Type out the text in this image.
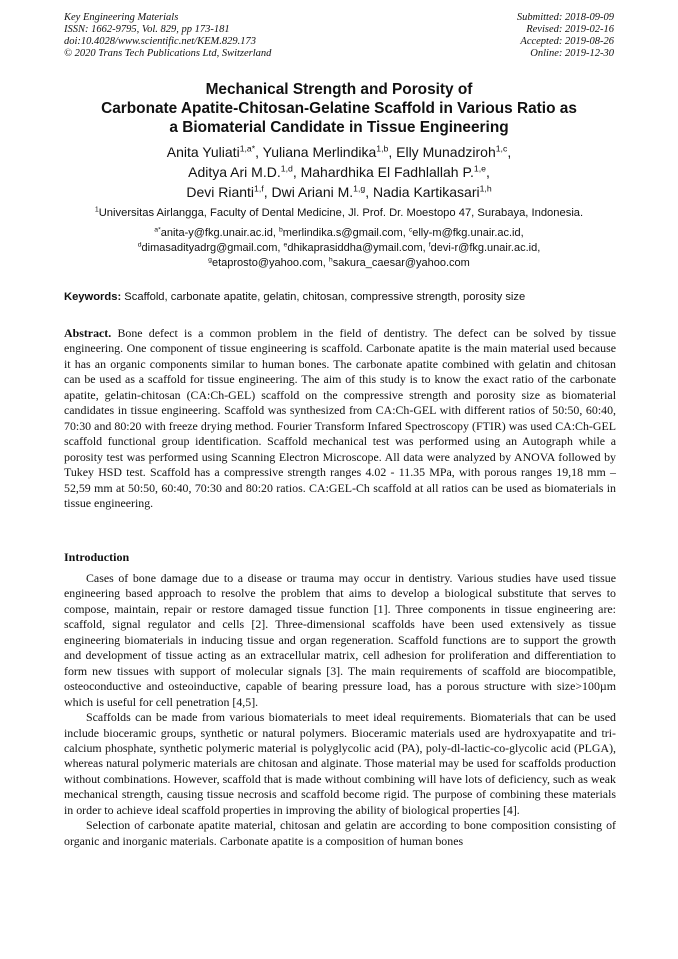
Key Engineering Materials
ISSN: 1662-9795, Vol. 829, pp 173-181
doi:10.4028/www.scientific.net/KEM.829.173
© 2020 Trans Tech Publications Ltd, Switzerland
Submitted: 2018-09-09
Revised: 2019-02-16
Accepted: 2019-08-26
Online: 2019-12-30
Mechanical Strength and Porosity of
Carbonate Apatite-Chitosan-Gelatine Scaffold in Various Ratio as
a Biomaterial Candidate in Tissue Engineering
Anita Yuliati$^{1,a*}$, Yuliana Merlindika$^{1,b}$, Elly Munadziroh$^{1,c}$,
Aditya Ari M.D.$^{1,d}$, Mahardhika El Fadhlallah P.$^{1,e}$,
Devi Rianti$^{1,f}$, Dwi Ariani M.$^{1,g}$, Nadia Kartikasari$^{1,h}$
$^1$Universitas Airlangga, Faculty of Dental Medicine, Jl. Prof. Dr. Moestopo 47, Surabaya, Indonesia.
$^{a*}$anita-y@fkg.unair.ac.id, $^b$merlindika.s@gmail.com, $^c$elly-m@fkg.unair.ac.id,
$^d$dimasadityadrg@gmail.com, $^e$dhikaprasiddha@ymail.com, $^f$devi-r@fkg.unair.ac.id,
$^g$etaprosto@yahoo.com, $^h$sakura_caesar@yahoo.com
Keywords: Scaffold, carbonate apatite, gelatin, chitosan, compressive strength, porosity size
Abstract. Bone defect is a common problem in the field of dentistry. The defect can be solved by tissue engineering. One component of tissue engineering is scaffold. Carbonate apatite is the main material used because it has an organic components similar to human bones. The carbonate apatite combined with gelatin and chitosan can be used as a scaffold for tissue engineering. The aim of this study is to know the exact ratio of the carbonate apatite, gelatin-chitosan (CA:Ch-GEL) scaffold on the compressive strength and porosity size as biomaterial candidates in tissue engineering. Scaffold was synthesized from CA:Ch-GEL with different ratios of 50:50, 60:40, 70:30 and 80:20 with freeze drying method. Fourier Transform Infared Spectroscopy (FTIR) was used CA:Ch-GEL scaffold functional group identification. Scaffold mechanical test was performed using an Autograph while a porosity test was performed using Scanning Electron Microscope. All data were analyzed by ANOVA followed by Tukey HSD test. Scaffold has a compressive strength ranges 4.02 - 11.35 MPa, with porous ranges 19,18 mm – 52,59 mm at 50:50, 60:40, 70:30 and 80:20 ratios. CA:GEL-Ch scaffold at all ratios can be used as biomaterials in tissue engineering.
Introduction

Cases of bone damage due to a disease or trauma may occur in dentistry. Various studies have used tissue engineering based approach to resolve the problem that aims to develop a biological substitute that serves to compose, maintain, repair or restore damaged tissue function [1]. Three components in tissue engineering are: scaffold, signal regulator and cells [2]. Three-dimensional scaffolds have been used extensively as tissue engineering biomaterials in inducing tissue and organ regeneration. Scaffold functions are to support the growth and development of tissue acting as an extracellular matrix, cell adhesion for proliferation and differentiation to form new tissues with support of molecular signals [3]. The main requirements of scaffold are biocompatible, osteoconductive and osteoinductive, capable of bearing pressure load, has a porous structure with size>100µm which is useful for cell penetration [4,5].

Scaffolds can be made from various biomaterials to meet ideal requirements. Biomaterials that can be used include bioceramic groups, synthetic or natural polymers. Bioceramic materials used are hydroxyapatite and tri-calcium phosphate, synthetic polymeric material is polyglycolic acid (PA), poly-dl-lactic-co-glycolic acid (PLGA), whereas natural polymeric materials are chitosan and alginate. Those material may be used for scaffolds production without combinations. However, scaffold that is made without combining will have lots of deficiency, such as weak mechanical strength, causing tissue necrosis and scaffold become rigid. The purpose of combining these materials in order to achieve ideal scaffold properties in improving the ability of biological properties [4].

Selection of carbonate apatite material, chitosan and gelatin are according to bone composition consisting of organic and inorganic materials. Carbonate apatite is a composition of human bones
